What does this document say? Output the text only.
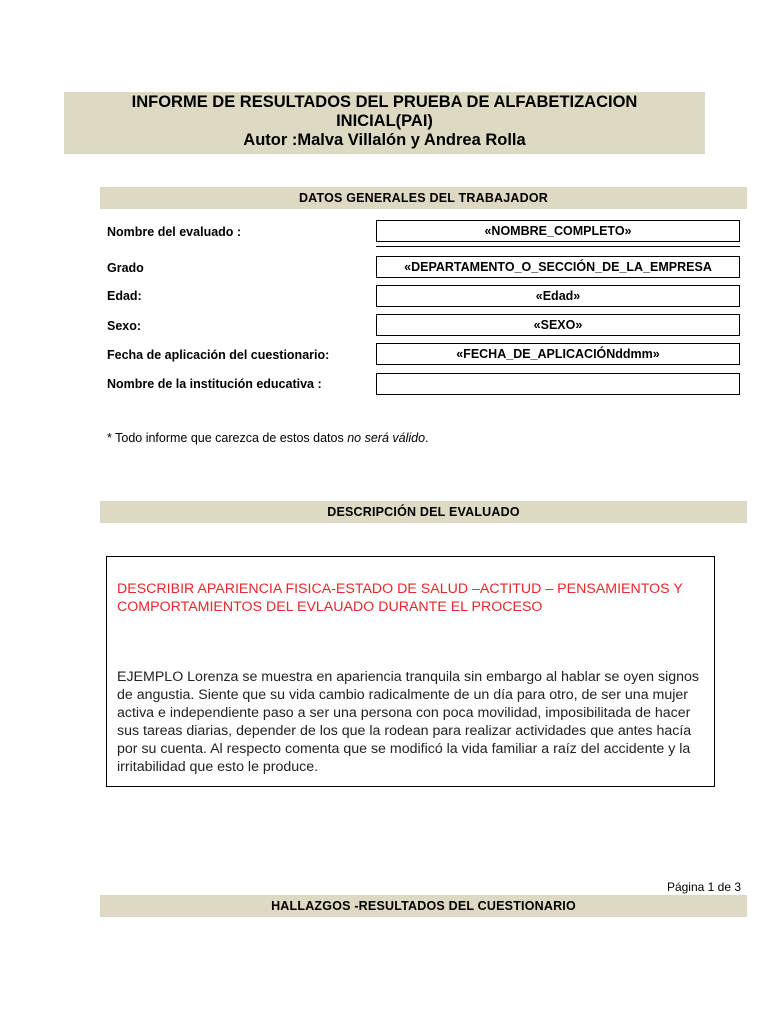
INFORME DE RESULTADOS DEL PRUEBA DE ALFABETIZACION
INICIAL(PAI)
Autor :Malva Villalón y Andrea Rolla
DATOS GENERALES DEL TRABAJADOR
Nombre del evaluado :	«NOMBRE_COMPLETO»
Grado	«DEPARTAMENTO_O_SECCIÓN_DE_LA_EMPRESA
Edad:	«Edad»
Sexo:	«SEXO»
Fecha de aplicación del cuestionario:	«FECHA_DE_APLICACIÓNddmm»
Nombre de la institución educativa :
* Todo informe que carezca de estos datos no será válido.
DESCRIPCIÓN DEL EVALUADO
DESCRIBIR APARIENCIA FISICA-ESTADO DE SALUD –ACTITUD – PENSAMIENTOS Y COMPORTAMIENTOS DEL EVLAUADO DURANTE EL PROCESO
EJEMPLO Lorenza se muestra en apariencia tranquila sin embargo al hablar se oyen signos de angustia. Siente que su vida cambio radicalmente de un día para otro, de ser una mujer activa e independiente paso a ser una persona con poca movilidad, imposibilitada de hacer sus tareas diarias, depender de los que la rodean para realizar actividades que antes hacía por su cuenta. Al respecto comenta que se modificó la vida familiar a raíz del accidente y la irritabilidad que esto le produce.
Página 1 de 3
HALLAZGOS -RESULTADOS DEL CUESTIONARIO
